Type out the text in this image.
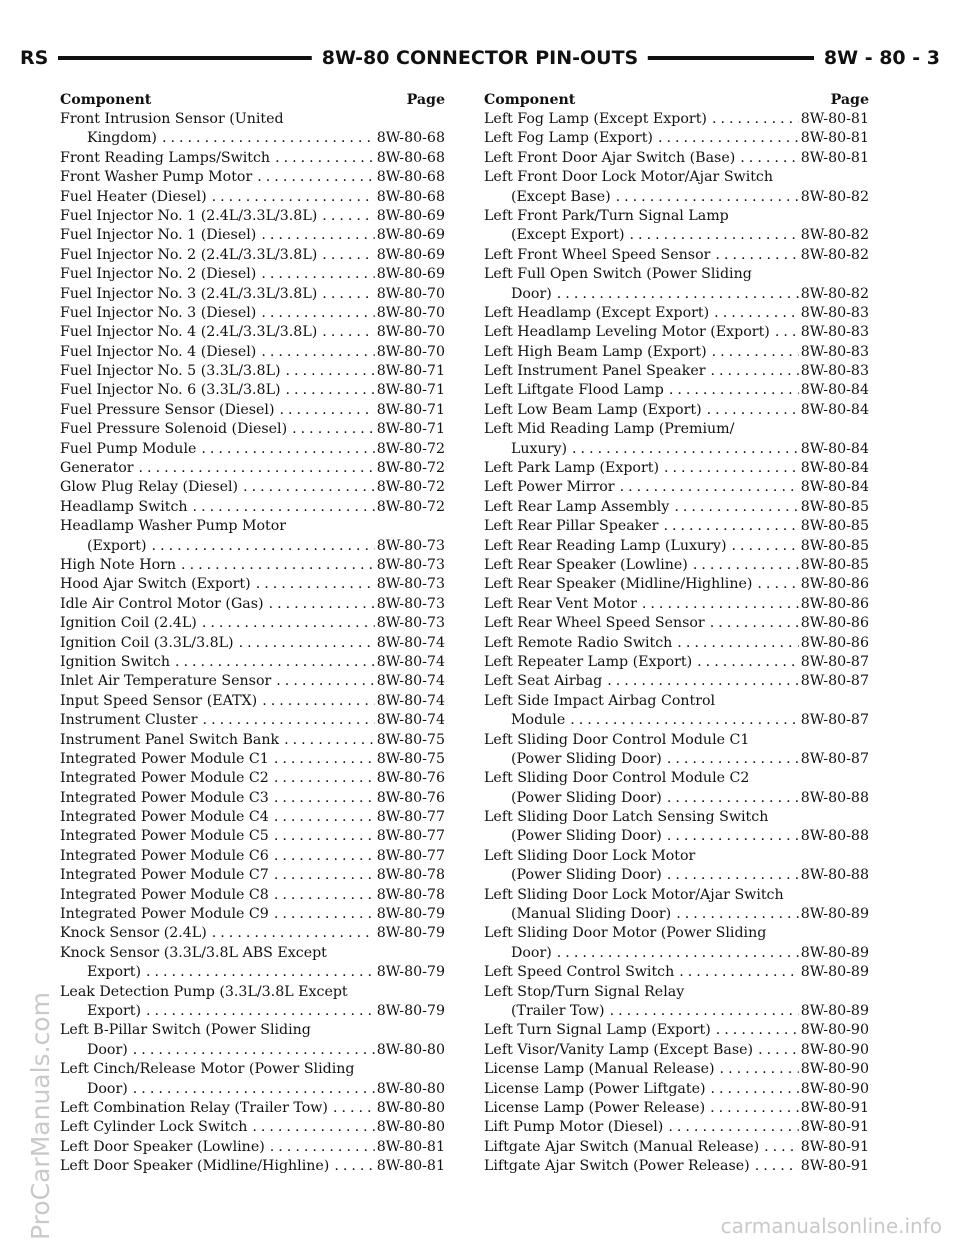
RS	8W-80 CONNECTOR PIN-OUTS	8W - 80 - 3
Component	Page
Front Intrusion Sensor (United
Kingdom) . . .	8W-80-68
Front Reading Lamps/Switch . . .	8W-80-68
Front Washer Pump Motor . . .	8W-80-68
Fuel Heater (Diesel) . . .	8W-80-68
Fuel Injector No. 1 (2.4L/3.3L/3.8L) . . .	8W-80-69
Fuel Injector No. 1 (Diesel) . . .	8W-80-69
Fuel Injector No. 2 (2.4L/3.3L/3.8L) . . .	8W-80-69
Fuel Injector No. 2 (Diesel) . . .	8W-80-69
Fuel Injector No. 3 (2.4L/3.3L/3.8L) . . .	8W-80-70
Fuel Injector No. 3 (Diesel) . . .	8W-80-70
Fuel Injector No. 4 (2.4L/3.3L/3.8L) . . .	8W-80-70
Fuel Injector No. 4 (Diesel) . . .	8W-80-70
Fuel Injector No. 5 (3.3L/3.8L) . . .	8W-80-71
Fuel Injector No. 6 (3.3L/3.8L) . . .	8W-80-71
Fuel Pressure Sensor (Diesel) . . .	8W-80-71
Fuel Pressure Solenoid (Diesel) . . .	8W-80-71
Fuel Pump Module . . .	8W-80-72
Generator . . .	8W-80-72
Glow Plug Relay (Diesel) . . .	8W-80-72
Headlamp Switch . . .	8W-80-72
Headlamp Washer Pump Motor
(Export) . . .	8W-80-73
High Note Horn . . .	8W-80-73
Hood Ajar Switch (Export) . . .	8W-80-73
Idle Air Control Motor (Gas) . . .	8W-80-73
Ignition Coil (2.4L) . . .	8W-80-73
Ignition Coil (3.3L/3.8L) . . .	8W-80-74
Ignition Switch . . .	8W-80-74
Inlet Air Temperature Sensor . . .	8W-80-74
Input Speed Sensor (EATX) . . .	8W-80-74
Instrument Cluster . . .	8W-80-74
Instrument Panel Switch Bank . . .	8W-80-75
Integrated Power Module C1 . . .	8W-80-75
Integrated Power Module C2 . . .	8W-80-76
Integrated Power Module C3 . . .	8W-80-76
Integrated Power Module C4 . . .	8W-80-77
Integrated Power Module C5 . . .	8W-80-77
Integrated Power Module C6 . . .	8W-80-77
Integrated Power Module C7 . . .	8W-80-78
Integrated Power Module C8 . . .	8W-80-78
Integrated Power Module C9 . . .	8W-80-79
Knock Sensor (2.4L) . . .	8W-80-79
Knock Sensor (3.3L/3.8L ABS Except
Export) . . .	8W-80-79
Leak Detection Pump (3.3L/3.8L Except
Export) . . .	8W-80-79
Left B-Pillar Switch (Power Sliding
Door) . . .	8W-80-80
Left Cinch/Release Motor (Power Sliding
Door) . . .	8W-80-80
Left Combination Relay (Trailer Tow) . . .	8W-80-80
Left Cylinder Lock Switch . . .	8W-80-80
Left Door Speaker (Lowline) . . .	8W-80-81
Left Door Speaker (Midline/Highline) . . .	8W-80-81
Component	Page
Left Fog Lamp (Except Export) . . .	8W-80-81
Left Fog Lamp (Export) . . .	8W-80-81
Left Front Door Ajar Switch (Base) . . .	8W-80-81
Left Front Door Lock Motor/Ajar Switch
(Except Base) . . .	8W-80-82
Left Front Park/Turn Signal Lamp
(Except Export) . . .	8W-80-82
Left Front Wheel Speed Sensor . . .	8W-80-82
Left Full Open Switch (Power Sliding
Door) . . .	8W-80-82
Left Headlamp (Except Export) . . .	8W-80-83
Left Headlamp Leveling Motor (Export) . . . 8W-80-83
Left High Beam Lamp (Export) . . .	8W-80-83
Left Instrument Panel Speaker . . .	8W-80-83
Left Liftgate Flood Lamp . . .	8W-80-84
Left Low Beam Lamp (Export) . . .	8W-80-84
Left Mid Reading Lamp (Premium/
Luxury) . . .	8W-80-84
Left Park Lamp (Export) . . .	8W-80-84
Left Power Mirror . . .	8W-80-84
Left Rear Lamp Assembly . . .	8W-80-85
Left Rear Pillar Speaker . . .	8W-80-85
Left Rear Reading Lamp (Luxury) . . .	8W-80-85
Left Rear Speaker (Lowline) . . .	8W-80-85
Left Rear Speaker (Midline/Highline) . . .	8W-80-86
Left Rear Vent Motor . . .	8W-80-86
Left Rear Wheel Speed Sensor . . .	8W-80-86
Left Remote Radio Switch . . .	8W-80-86
Left Repeater Lamp (Export) . . .	8W-80-87
Left Seat Airbag . . .	8W-80-87
Left Side Impact Airbag Control
Module . . .	8W-80-87
Left Sliding Door Control Module C1
(Power Sliding Door) . . .	8W-80-87
Left Sliding Door Control Module C2
(Power Sliding Door) . . .	8W-80-88
Left Sliding Door Latch Sensing Switch
(Power Sliding Door) . . .	8W-80-88
Left Sliding Door Lock Motor
(Power Sliding Door) . . .	8W-80-88
Left Sliding Door Lock Motor/Ajar Switch
(Manual Sliding Door) . . .	8W-80-89
Left Sliding Door Motor (Power Sliding
Door) . . .	8W-80-89
Left Speed Control Switch . . .	8W-80-89
Left Stop/Turn Signal Relay
(Trailer Tow) . . .	8W-80-89
Left Turn Signal Lamp (Export) . . .	8W-80-90
Left Visor/Vanity Lamp (Except Base) . . .	8W-80-90
License Lamp (Manual Release) . . .	8W-80-90
License Lamp (Power Liftgate) . . .	8W-80-90
License Lamp (Power Release) . . .	8W-80-91
Lift Pump Motor (Diesel) . . .	8W-80-91
Liftgate Ajar Switch (Manual Release) . . .	8W-80-91
Liftgate Ajar Switch (Power Release) . . .	8W-80-91
ProCarManuals.com	carmanualsonline.info
